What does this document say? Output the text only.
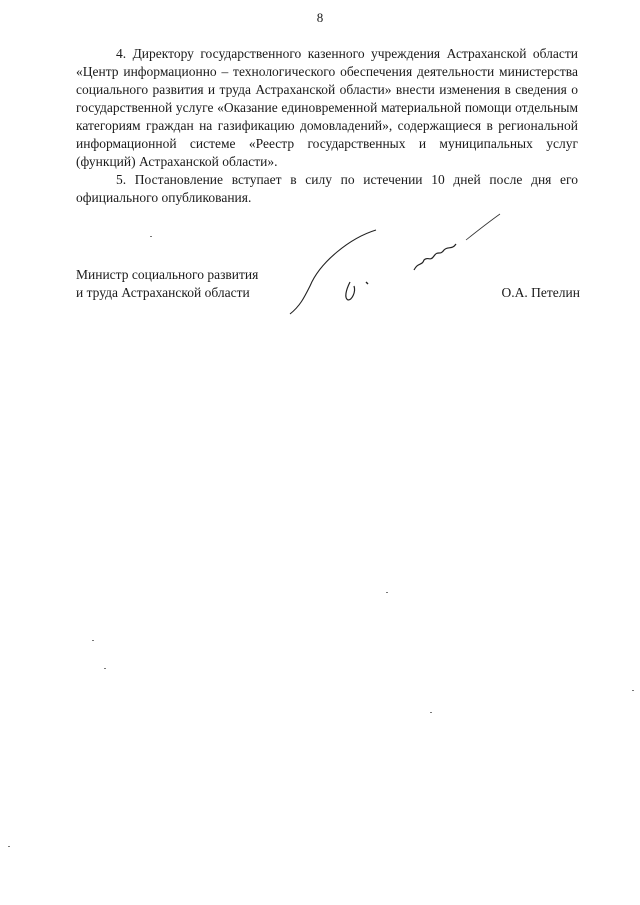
8

4. Директору государственного казенного учреждения Астраханской области «Центр информационно – технологического обеспечения деятельности министерства социального развития и труда Астраханской области» внести изменения в сведения о государственной услуге «Оказание единовременной материальной помощи отдельным категориям граждан на газификацию домовладений», содержащиеся в региональной информационной системе «Реестр государственных и муниципальных услуг (функций) Астраханской области».

5. Постановление вступает в силу по истечении 10 дней после дня его официального опубликования.

Министр социального развития
и труда Астраханской области	О.А. Петелин
